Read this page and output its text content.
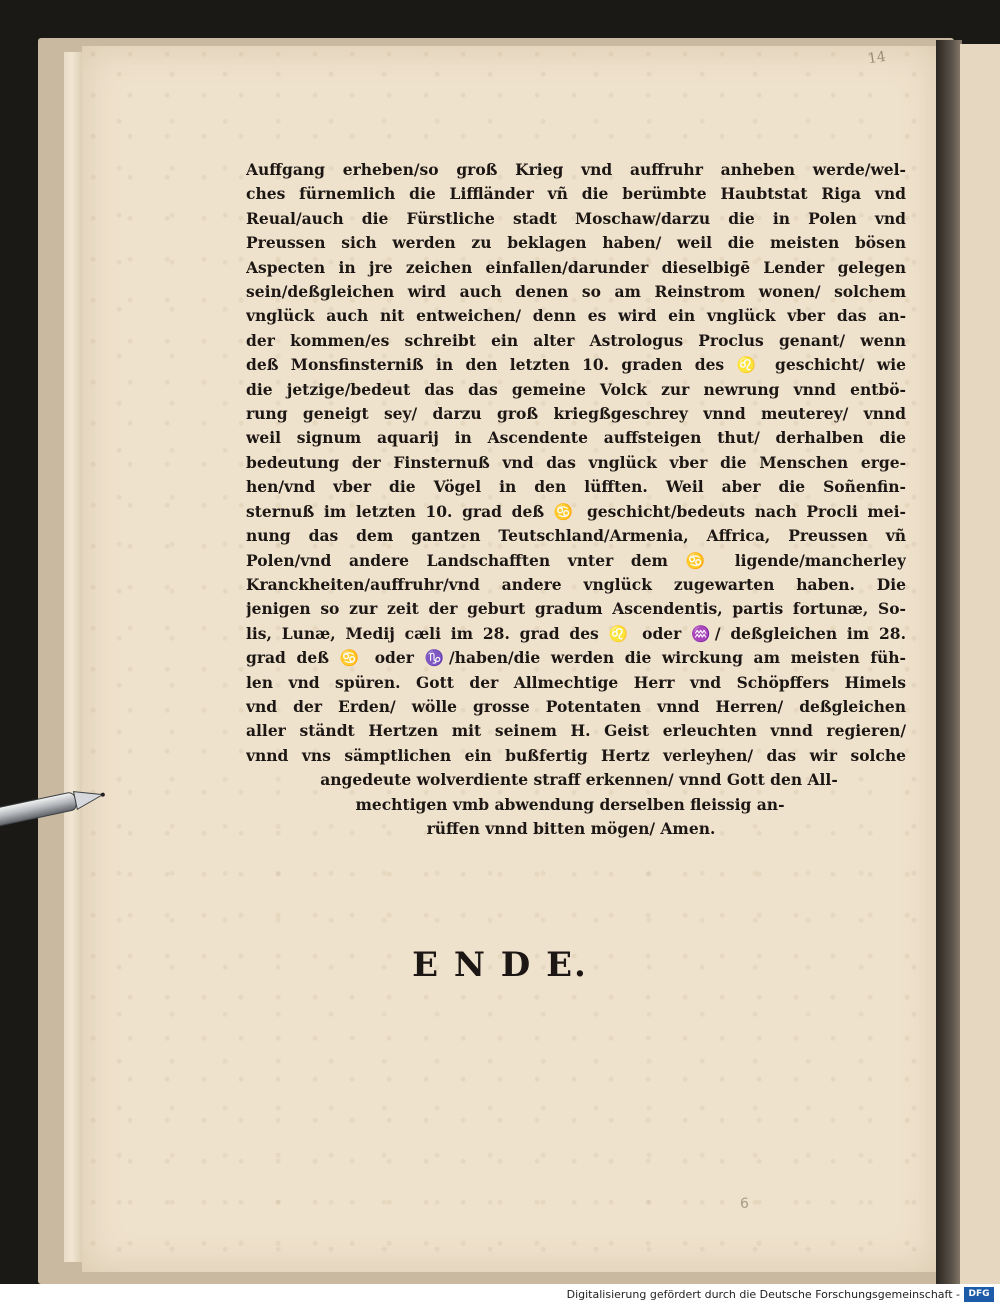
14
Auffgang erheben/so groß Krieg vnd auffruhr anheben werde/wel-
ches fürnemlich die Liffländer vñ die berümbte Haubtstat Riga vnd
Reual/auch die Fürstliche stadt Moschaw/darzu die in Polen vnd
Preussen sich werden zu beklagen haben/ weil die meisten bösen
Aspecten in jre zeichen einfallen/darunder dieselbigē Lender gelegen
sein/deßgleichen wird auch denen so am Reinstrom wonen/ solchem
vnglück auch nit entweichen/ denn es wird ein vnglück vber das an-
der kommen/es schreibt ein alter Astrologus Proclus genant/ wenn
deß Monsfinsterniß in den letzten 10. graden des ♌ geschicht/ wie
die jetzige/bedeut das das gemeine Volck zur newrung vnnd entbö-
rung geneigt sey/ darzu groß kriegßgeschrey vnnd meuterey/ vnnd
weil signum aquarij in Ascendente auffsteigen thut/ derhalben die
bedeutung der Finsternuß vnd das vnglück vber die Menschen erge-
hen/vnd vber die Vögel in den lüfften. Weil aber die Soñenfin-
sternuß im letzten 10. grad deß ♋ geschicht/bedeuts nach Procli mei-
nung das dem gantzen Teutschland/Armenia, Affrica, Preussen vñ
Polen/vnd andere Landschafften vnter dem ♋ ligende/mancherley
Kranckheiten/auffruhr/vnd andere vnglück zugewarten haben. Die
jenigen so zur zeit der geburt gradum Ascendentis, partis fortunæ, So-
lis, Lunæ, Medij cæli im 28. grad des ♌ oder ♒/ deßgleichen im 28.
grad deß ♋ oder ♑/haben/die werden die wirckung am meisten füh-
len vnd spüren. Gott der Allmechtige Herr vnd Schöpffers Himels
vnd der Erden/ wölle grosse Potentaten vnnd Herren/ deßgleichen
aller ständt Hertzen mit seinem H. Geist erleuchten vnnd regieren/
vnnd vns sämptlichen ein bußfertig Hertz verleyhen/ das wir solche
angedeute wolverdiente straff erkennen/ vnnd Gott den All-
mechtigen vmb abwendung derselben fleissig an-
rüffen vnnd bitten mögen/ Amen.
E N D E.
6
Digitalisierung gefördert durch die Deutsche Forschungsgemeinschaft - DFG
